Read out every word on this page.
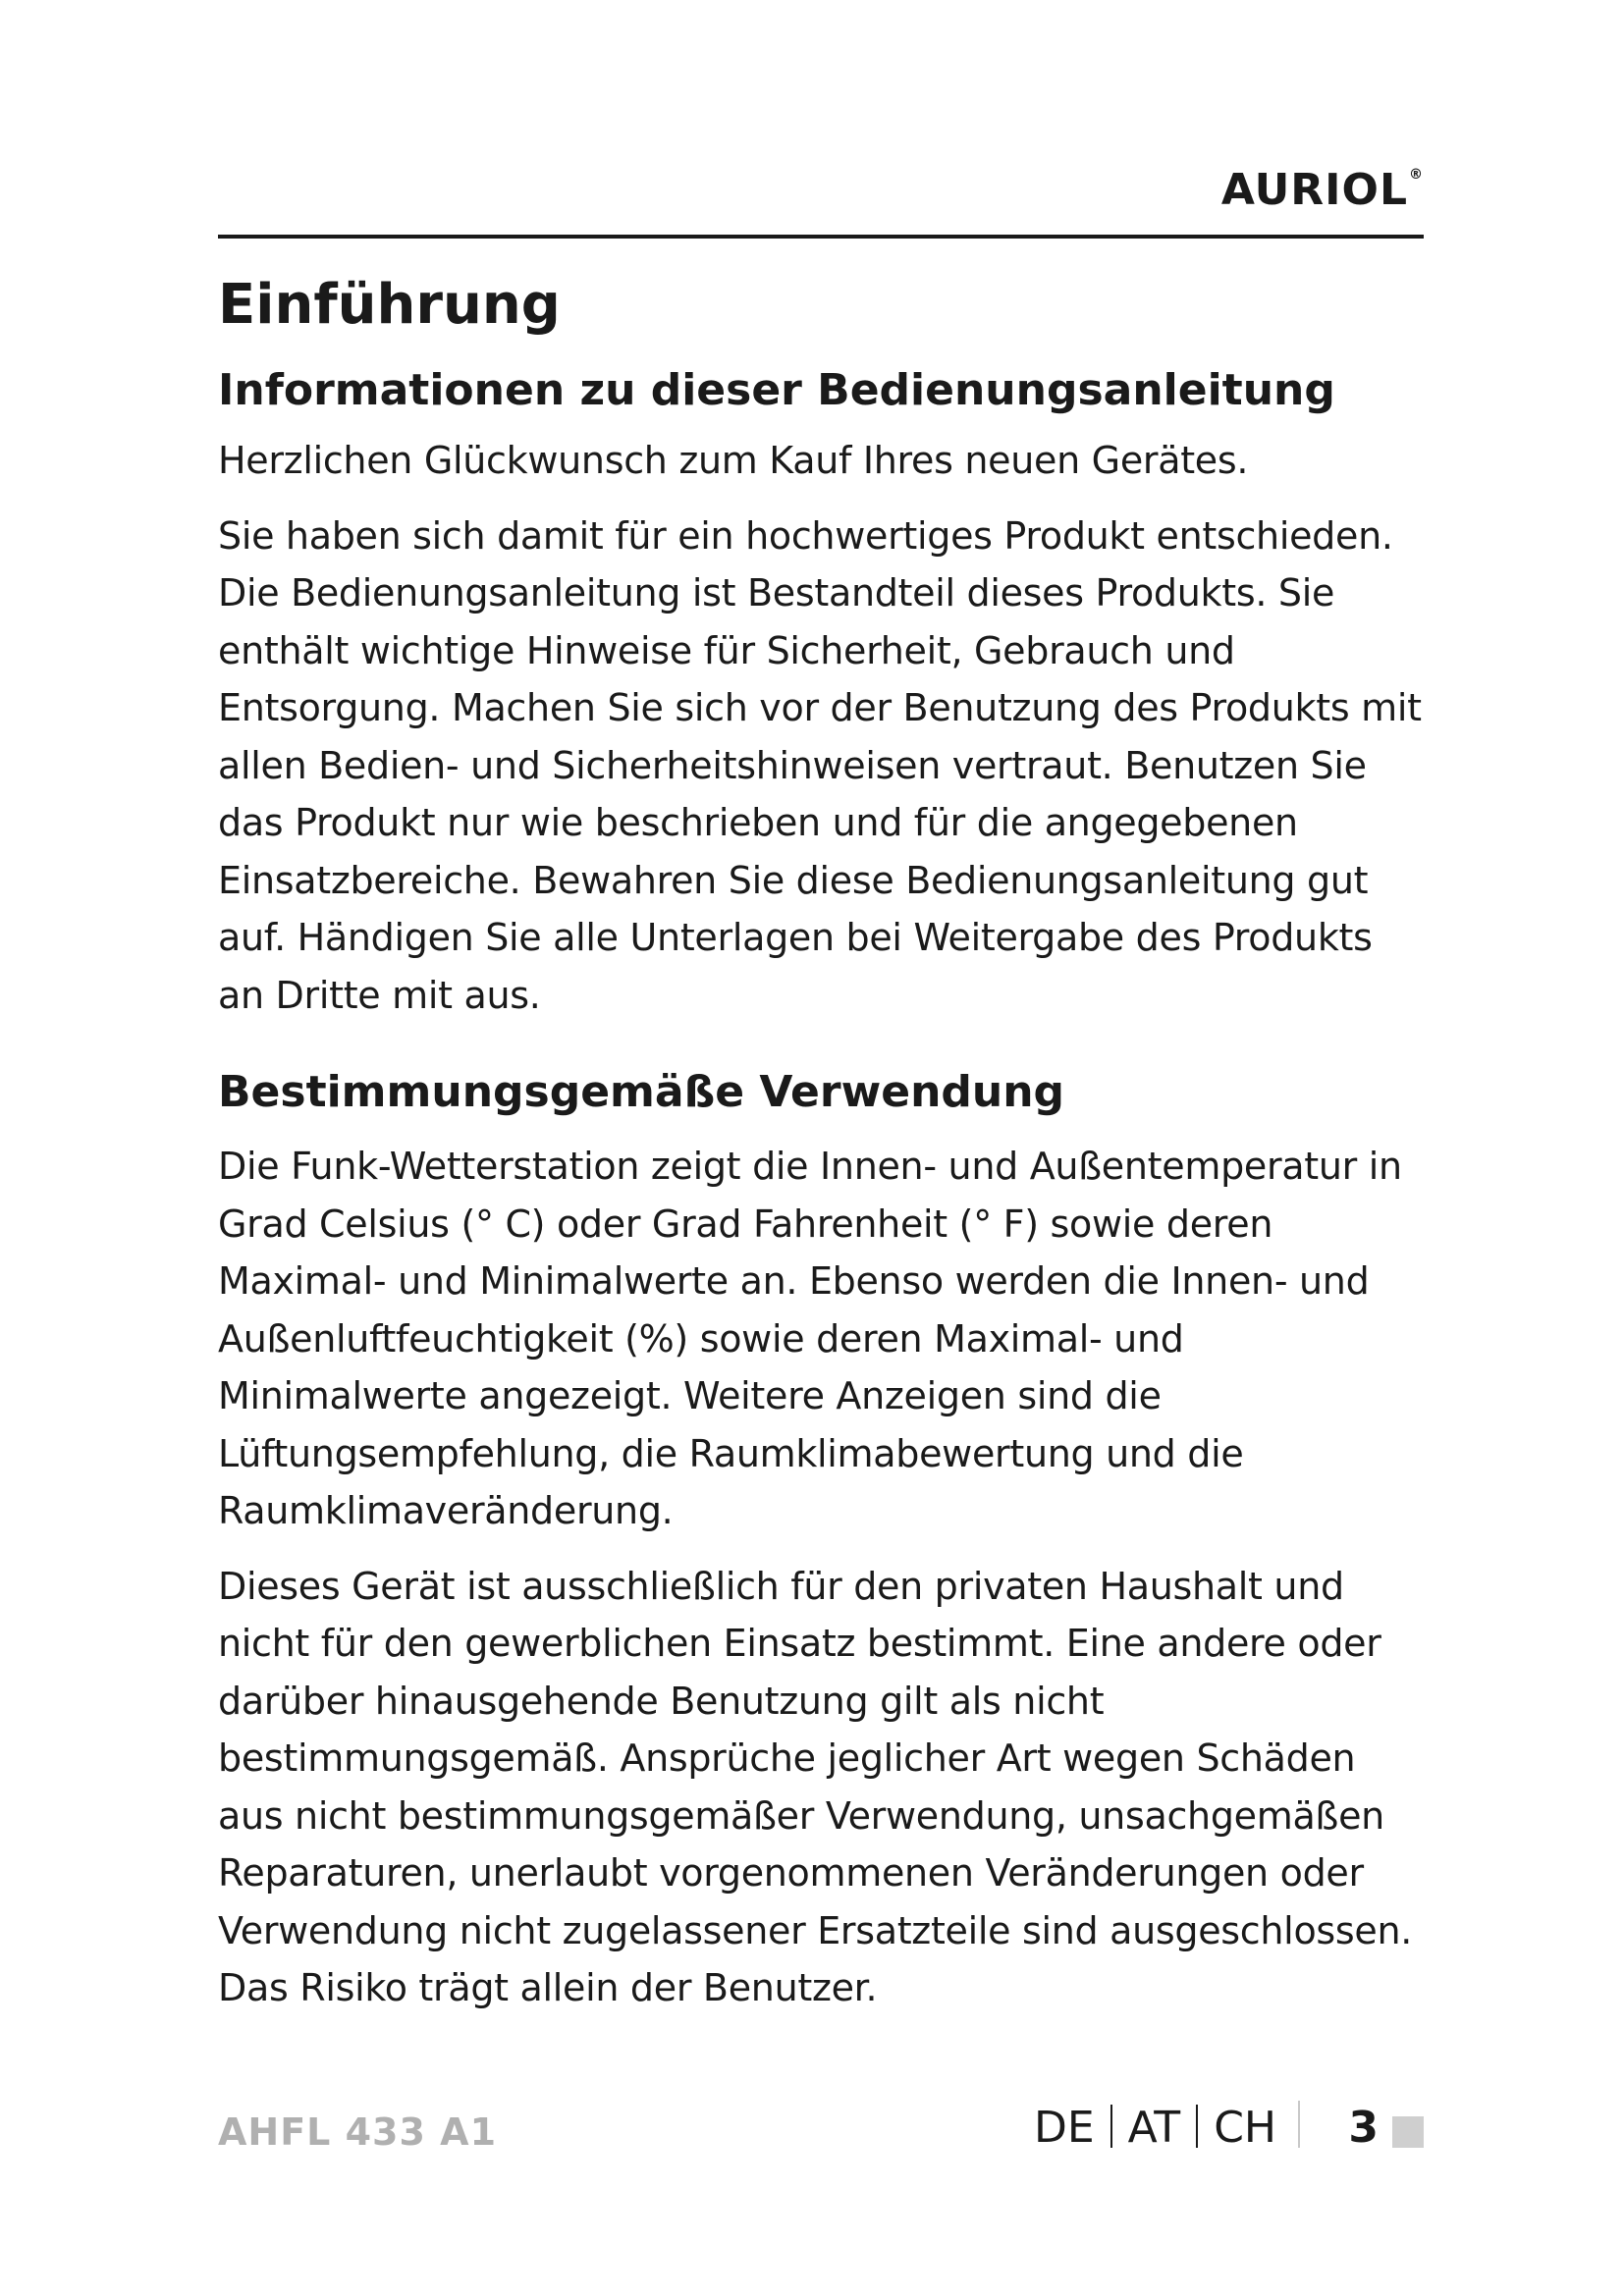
AURIOL®
Einführung
Informationen zu dieser Bedienungsanleitung

Herzlichen Glückwunsch zum Kauf Ihres neuen Gerätes.

Sie haben sich damit für ein hochwertiges Produkt entschieden. Die Bedienungsanleitung ist Bestandteil dieses Produkts. Sie enthält wichtige Hinweise für Sicherheit, Gebrauch und Entsorgung. Machen Sie sich vor der Benutzung des Produkts mit allen Bedien- und Sicherheitshinweisen vertraut. Benutzen Sie das Produkt nur wie beschrieben und für die angegebenen Einsatzbereiche. Bewahren Sie diese Bedienungsanleitung gut auf. Händigen Sie alle Unterlagen bei Weitergabe des Produkts an Dritte mit aus.

Bestimmungsgemäße Verwendung

Die Funk-Wetterstation zeigt die Innen- und Außentemperatur in Grad Celsius (° C) oder Grad Fahrenheit (° F) sowie deren Maximal- und Minimalwerte an. Ebenso werden die Innen- und Außenluftfeuchtigkeit (%) sowie deren Maximal- und Minimalwerte angezeigt. Weitere Anzeigen sind die Lüftungsempfehlung, die Raumklimabewertung und die Raumklimaveränderung.

Dieses Gerät ist ausschließlich für den privaten Haushalt und nicht für den gewerblichen Einsatz bestimmt. Eine andere oder darüber hinausgehende Benutzung gilt als nicht bestimmungsgemäß. Ansprüche jeglicher Art wegen Schäden aus nicht bestimmungsgemäßer Verwendung, unsachgemäßen Reparaturen, unerlaubt vorgenommenen Veränderungen oder Verwendung nicht zugelassener Ersatzteile sind ausgeschlossen. Das Risiko trägt allein der Benutzer.

AHFL 433 A1	DE AT CH 3
